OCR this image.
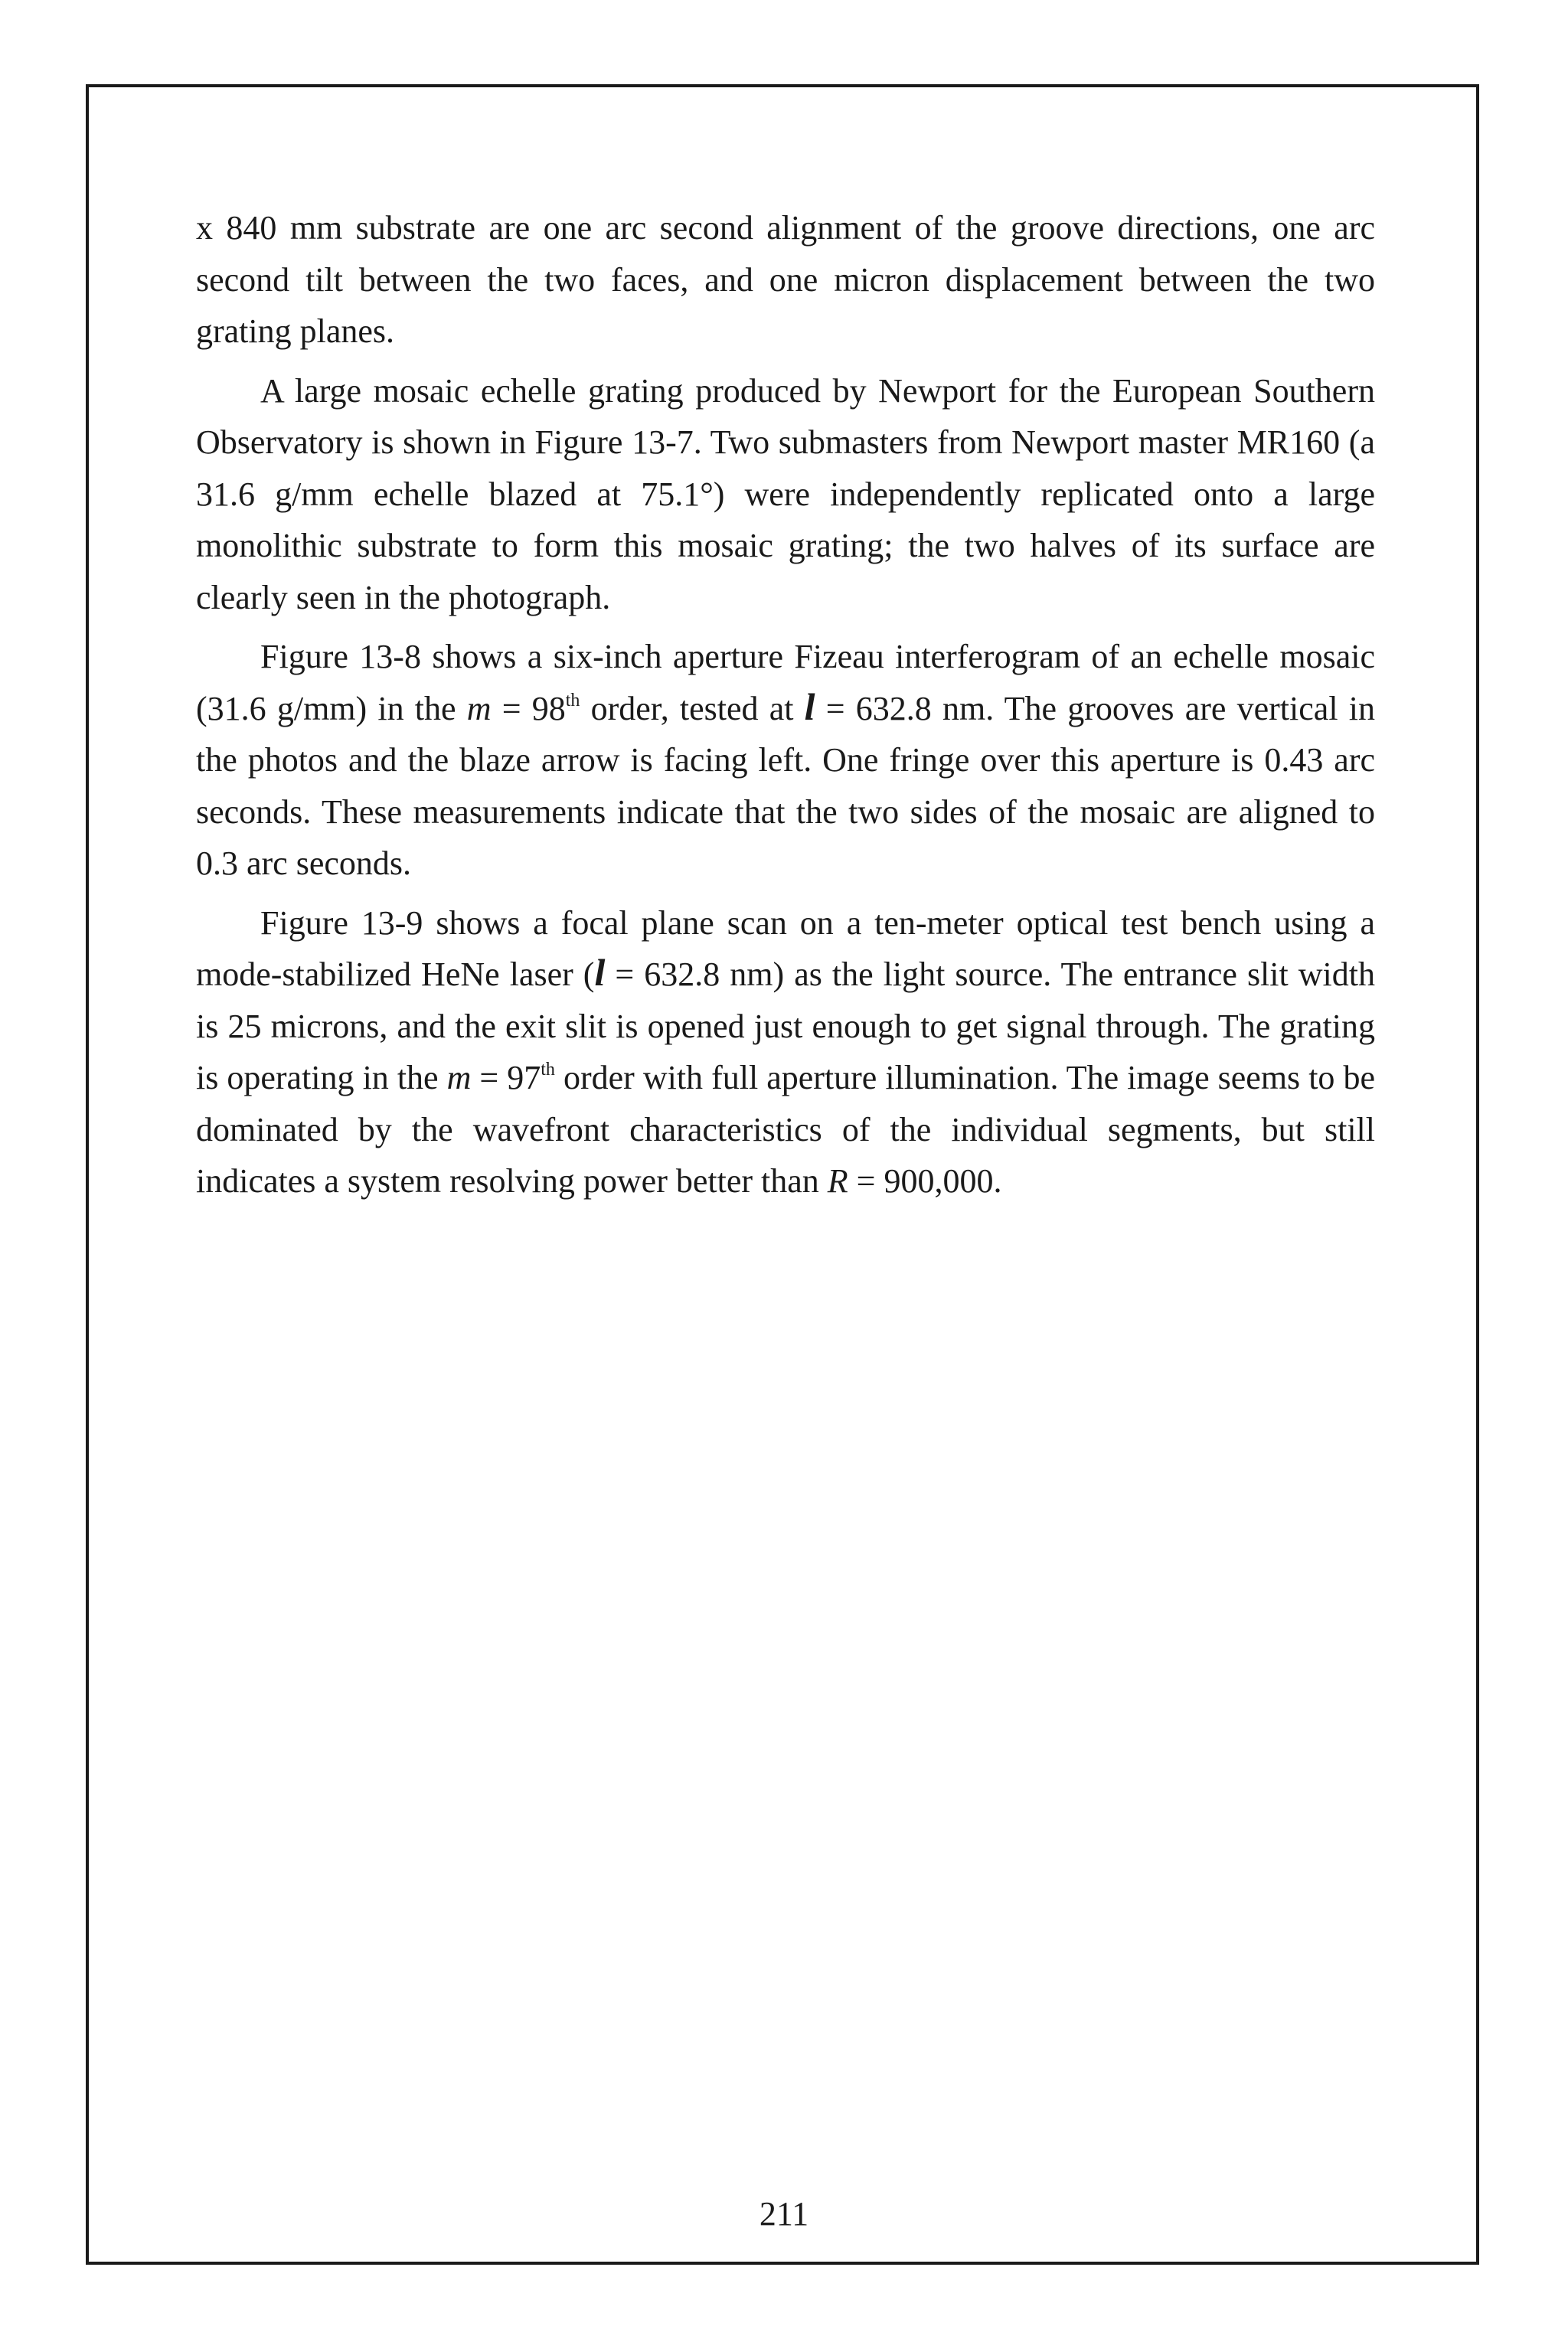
x 840 mm substrate are one arc second alignment of the groove directions, one arc second tilt between the two faces, and one micron displacement between the two grating planes.

A large mosaic echelle grating produced by Newport for the European Southern Observatory is shown in Figure 13-7. Two submasters from Newport master MR160 (a 31.6 g/mm echelle blazed at 75.1°) were independently replicated onto a large monolithic substrate to form this mosaic grating; the two halves of its surface are clearly seen in the photograph.

Figure 13-8 shows a six-inch aperture Fizeau interferogram of an echelle mosaic (31.6 g/mm) in the m = 98th order, tested at l = 632.8 nm. The grooves are vertical in the photos and the blaze arrow is facing left. One fringe over this aperture is 0.43 arc seconds. These measurements indicate that the two sides of the mosaic are aligned to 0.3 arc seconds.

Figure 13-9 shows a focal plane scan on a ten-meter optical test bench using a mode-stabilized HeNe laser (l = 632.8 nm) as the light source. The entrance slit width is 25 microns, and the exit slit is opened just enough to get signal through. The grating is operating in the m = 97th order with full aperture illumination. The image seems to be dominated by the wavefront characteristics of the individual segments, but still indicates a system resolving power better than R = 900,000.

211
